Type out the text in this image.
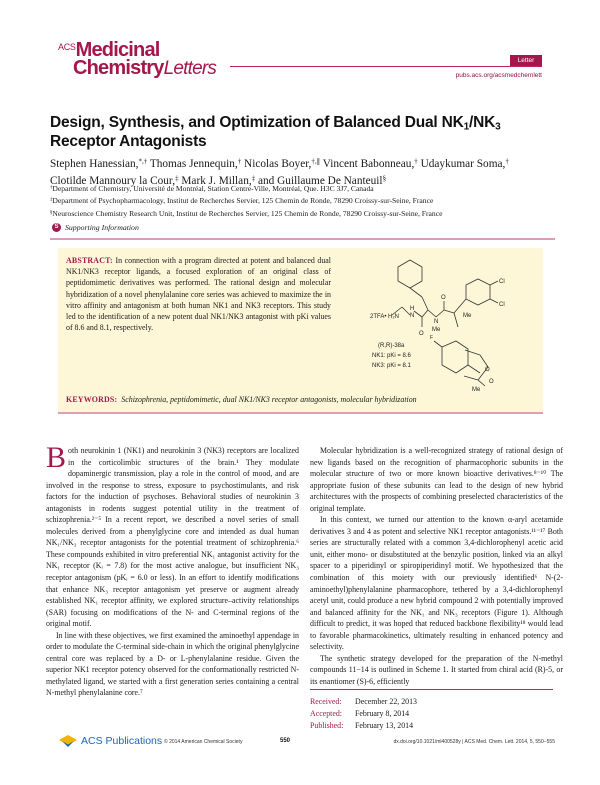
$^{ACS}$Medicinal
ChemistryLetters	Letter
pubs.acs.org/acsmedchemlett
Design, Synthesis, and Optimization of Balanced Dual $NK_1/NK_3$
Receptor Antagonists
Stephen Hanessian,*,† Thomas Jennequin,† Nicolas Boyer,†,∥ Vincent Babonneau,† Udaykumar Soma,†
Clotilde Mannoury la Cour,‡ Mark J. Millan,‡ and Guillaume De Nanteuil§
†Department of Chemistry, Université de Montréal, Station Centre-Ville, Montréal, Que. H3C 3J7, Canada
‡Department of Psychopharmacology, Institut de Recherches Servier, 125 Chemin de Ronde, 78290 Croissy-sur-Seine, France
§Neuroscience Chemistry Research Unit, Institut de Recherches Servier, 125 Chemin de Ronde, 78290 Croissy-sur-Seine, France
S Supporting Information
ABSTRACT: In connection with a program directed at potent and balanced dual NK1/NK3 receptor ligands, a focused exploration of an original class of peptidomimetic derivatives was performed. The rational design and molecular hybridization of a novel phenylalanine core series was achieved to maximize the in vitro affinity and antagonism at both human NK1 and NK3 receptors. This study led to the identification of a new potent dual NK1/NK3 antagonist with pKi values of 8.6 and 8.1, respectively.
2TFA• H₂N
H
N
O
N
Me
O
Cl
Cl
Me
F
O
O
Me
(R,R)-38a
NK1: pKi = 8.6
NK3: pKi = 8.1
KEYWORDS: Schizophrenia, peptidomimetic, dual NK1/NK3 receptor antagonists, molecular hybridization

Both neurokinin 1 (NK1) and neurokinin 3 (NK3) receptors are localized in the corticolimbic structures of the brain.¹ They modulate dopaminergic transmission, play a role in the control of mood, and are involved in the response to stress, exposure to psychostimulants, and risk factors for the induction of psychoses. Behavioral studies of neurokinin 3 antagonists in rodents suggest potential utility in the treatment of schizophrenia.²⁻⁵ In a recent report, we described a novel series of small molecules derived from a phenylglycine core and intended as dual human NK₁/NK₃ receptor antagonists for the potential treatment of schizophrenia.⁶ These compounds exhibited in vitro preferential NK₁ antagonist activity for the NK₁ receptor (Kᵢ = 7.8) for the most active analogue, but insufficient NK₃ receptor antagonism (pKᵢ = 6.0 or less). In an effort to identify modifications that enhance NK₃ receptor antagonism yet preserve or augment already established NK₁ receptor affinity, we explored structure–activity relationships (SAR) focusing on modifications of the N- and C-terminal regions of the original motif.

In line with these objectives, we first examined the aminoethyl appendage in order to modulate the C-terminal side-chain in which the original phenylglycine central core was replaced by a D- or L-phenylalanine residue. Given the superior NK1 receptor potency observed for the conformationally restricted N-methylated ligand, we started with a first generation series containing a central N-methyl phenylalanine core.⁷

Molecular hybridization is a well-recognized strategy of rational design of new ligands based on the recognition of pharmacophoric subunits in the molecular structure of two or more known bioactive derivatives.⁸⁻¹⁰ The appropriate fusion of these subunits can lead to the design of new hybrid architectures with the prospects of combining preselected characteristics of the original template.

In this context, we turned our attention to the known α-aryl acetamide derivatives 3 and 4 as potent and selective NK1 receptor antagonists.¹¹⁻¹⁷ Both series are structurally related with a common 3,4-dichlorophenyl acetic acid unit, either mono- or disubstituted at the benzylic position, linked via an alkyl spacer to a piperidinyl or spiropiperidinyl motif. We hypothesized that the combination of this moiety with our previously identified⁶ N-(2-aminoethyl)phenylalanine pharmacophore, tethered by a 3,4-dichlorophenyl acetyl unit, could produce a new hybrid compound 2 with potentially improved and balanced affinity for the NK₁ and NK₃ receptors (Figure 1). Although difficult to predict, it was hoped that reduced backbone flexibility¹⁸ would lead to favorable pharmacokinetics, ultimately resulting in enhanced potency and selectivity.

The synthetic strategy developed for the preparation of the N-methyl compounds 11−14 is outlined in Scheme 1. It started from chiral acid (R)-5, or its enantiomer (S)-6, efficiently

Received: December 22, 2013
Accepted: February 8, 2014
Published: February 13, 2014
ACS Publications © 2014 American Chemical Society	550	dx.doi.org/10.1021/ml400528y | ACS Med. Chem. Lett. 2014, 5, 550−555
